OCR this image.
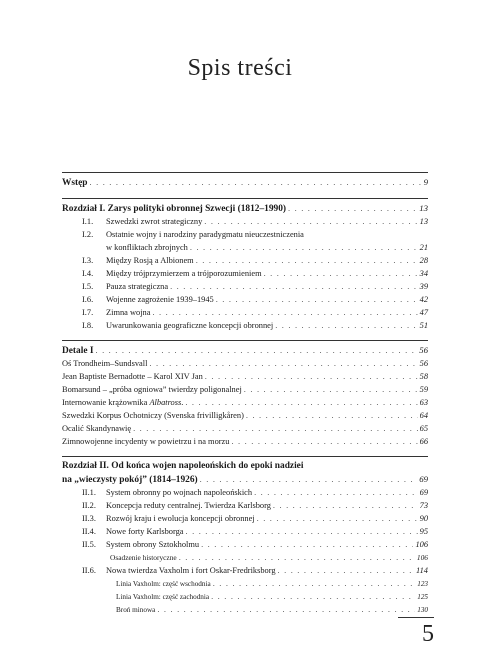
Spis treści
Wstęp . . .	9
Rozdział I. Zarys polityki obronnej Szwecji (1812–1990) . . .	13
I.1. Szwedzki zwrot strategiczny . . .	13
I.2. Ostatnie wojny i narodziny paradygmatu nieuczestniczenia
w konfliktach zbrojnych . . .	21
I.3. Między Rosją a Albionem . . .	28
I.4. Między trójprzymierzem a trójporozumieniem . . .	34
I.5. Pauza strategiczna . . .	39
I.6. Wojenne zagrożenie 1939–1945 . . .	42
I.7. Zimna wojna . . .	47
I.8. Uwarunkowania geograficzne koncepcji obronnej . . .	51
Detale I . . .	56
Oś Trondheim–Sundsvall . . .	56
Jean Baptiste Bernadotte – Karol XIV Jan . . .	58
Bomarsund – „próba ogniowa” twierdzy poligonalnej . . .	59
Internowanie krążownika Albatross. . . .	63
Szwedzki Korpus Ochotniczy (Svenska frivilligkåren) . . .	64
Ocalić Skandynawię . . .	65
Zimnowojenne incydenty w powietrzu i na morzu . . .	66
Rozdział II. Od końca wojen napoleońskich do epoki nadziei
na „wieczysty pokój” (1814–1926) . . .	69
II.1. System obronny po wojnach napoleońskich . . .	69
II.2. Koncepcja reduty centralnej. Twierdza Karlsborg . . .	73
II.3. Rozwój kraju i ewolucja koncepcji obronnej . . .	90
II.4. Nowe forty Karlsborga . . .	95
II.5. System obrony Sztokholmu . . .	106
Osadzenie historyczne . . .	106
II.6. Nowa twierdza Vaxholm i fort Oskar-Fredriksborg . . .	114
Linia Vaxholm: część wschodnia . . .	123
Linia Vaxholm: część zachodnia . . .	125
Broń minowa . . .	130
5
